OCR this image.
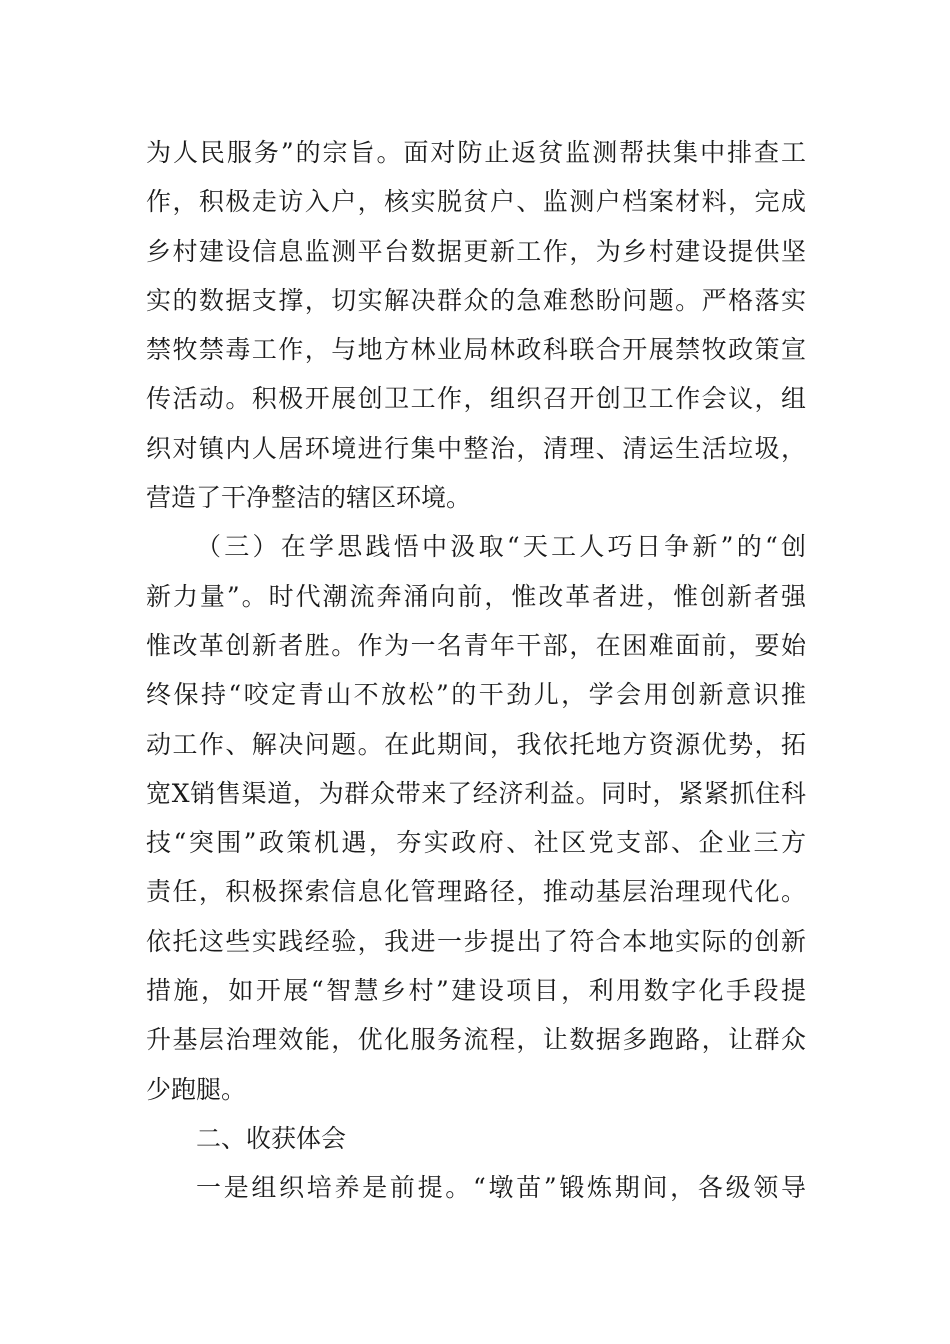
为人民服务”的宗旨。面对防止返贫监测帮扶集中排查工
作，积极走访入户，核实脱贫户、监测户档案材料，完成
乡村建设信息监测平台数据更新工作，为乡村建设提供坚
实的数据支撑，切实解决群众的急难愁盼问题。严格落实
禁牧禁毒工作，与地方林业局林政科联合开展禁牧政策宣
传活动。积极开展创卫工作，组织召开创卫工作会议，组
织对镇内人居环境进行集中整治，清理、清运生活垃圾，
营造了干净整洁的辖区环境。
（三）在学思践悟中汲取“天工人巧日争新”的“创
新力量”。时代潮流奔涌向前，惟改革者进，惟创新者强
惟改革创新者胜。作为一名青年干部，在困难面前，要始
终保持“咬定青山不放松”的干劲儿，学会用创新意识推
动工作、解决问题。在此期间，我依托地方资源优势，拓
宽X销售渠道，为群众带来了经济利益。同时，紧紧抓住科
技“突围”政策机遇，夯实政府、社区党支部、企业三方
责任，积极探索信息化管理路径，推动基层治理现代化。
依托这些实践经验，我进一步提出了符合本地实际的创新
措施，如开展“智慧乡村”建设项目，利用数字化手段提
升基层治理效能，优化服务流程，让数据多跑路，让群众
少跑腿。
二、收获体会
一是组织培养是前提。“墩苗”锻炼期间，各级领导
